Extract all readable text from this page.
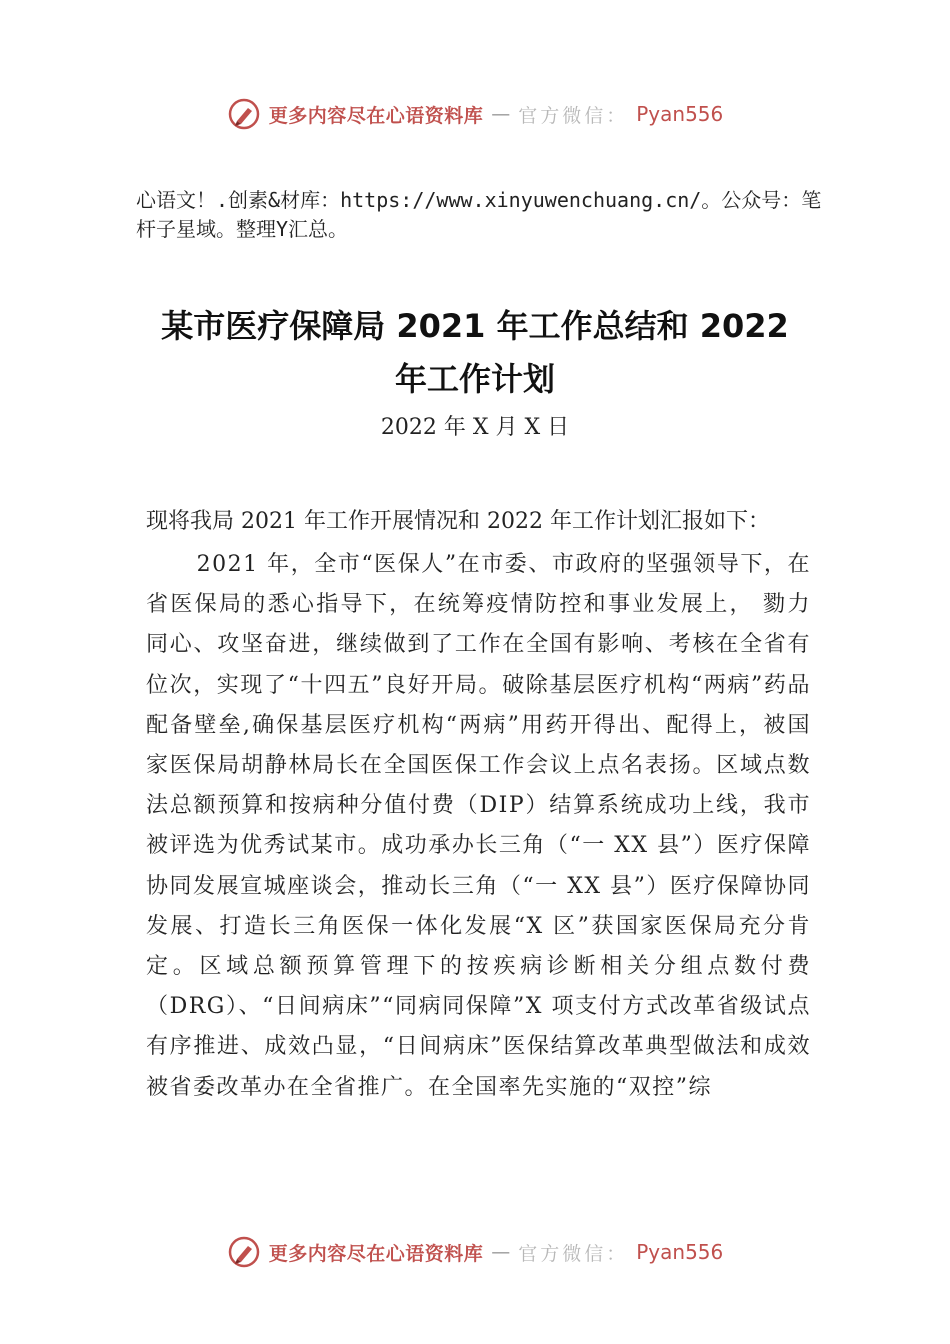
更多内容尽在心语资料库 — 官方微信： Pyan556

心语文！.创素&材库：https://www.xinyuwenchuang.cn/。公众号：笔杆子星域。整理Y汇总。

某市医疗保障局 2021 年工作总结和 2022
年工作计划
2022 年 X 月 X 日

现将我局 2021 年工作开展情况和 2022 年工作计划汇报如下：

2021 年，全市“医保人”在市委、市政府的坚强领导下，在省医保局的悉心指导下，在统筹疫情防控和事业发展上， 勠力同心、攻坚奋进，继续做到了工作在全国有影响、考核在全省有位次，实现了“十四五”良好开局。破除基层医疗机构“两病”药品配备壁垒,确保基层医疗机构“两病”用药开得出、配得上，被国家医保局胡静林局长在全国医保工作会议上点名表扬。区域点数法总额预算和按病种分值付费（DIP）结算系统成功上线，我市被评选为优秀试某市。成功承办长三角（“一 XX 县”）医疗保障协同发展宣城座谈会，推动长三角（“一 XX 县”）医疗保障协同发展、打造长三角医保一体化发展“X 区”获国家医保局充分肯定。区域总额预算管理下的按疾病诊断相关分组点数付费（DRG）、“日间病床”“同病同保障”X 项支付方式改革省级试点有序推进、成效凸显，“日间病床”医保结算改革典型做法和成效被省委改革办在全省推广。在全国率先实施的“双控”综

更多内容尽在心语资料库 — 官方微信： Pyan556
